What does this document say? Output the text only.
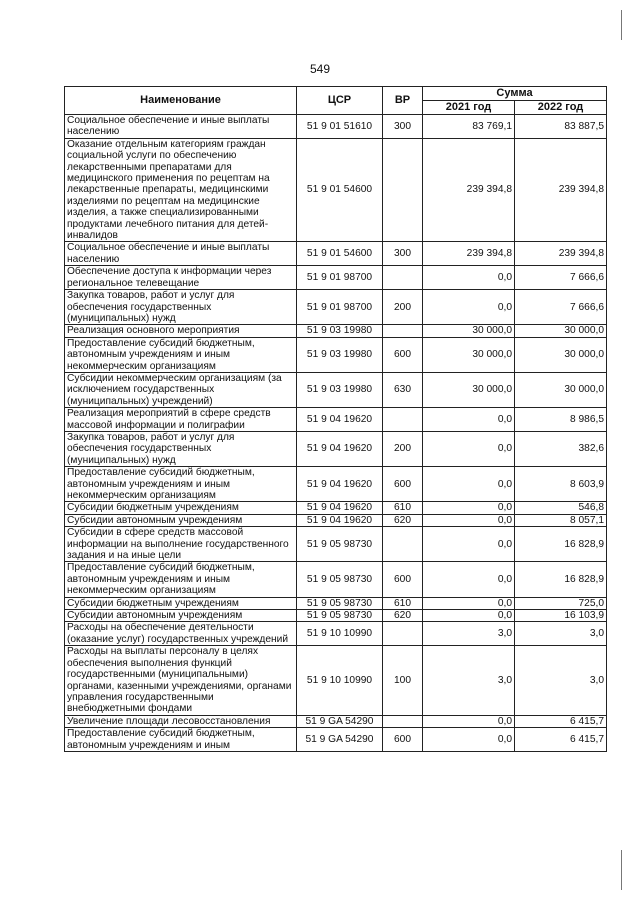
549
Наименование	ЦСР	ВР	Сумма	
			2021 год	2022 год
Социальное обеспечение и иные выплаты населению	51 9 01 51610	300	83 769,1	83 887,5
Оказание отдельным категориям граждан социальной услуги по обеспечению лекарственными препаратами для медицинского применения по рецептам на лекарственные препараты, медицинскими изделиями по рецептам на медицинские изделия, а также специализированными продуктами лечебного питания для детей-инвалидов	51 9 01 54600		239 394,8	239 394,8
Социальное обеспечение и иные выплаты населению	51 9 01 54600	300	239 394,8	239 394,8
Обеспечение доступа к информации через региональное телевещание	51 9 01 98700		0,0	7 666,6
Закупка товаров, работ и услуг для обеспечения государственных (муниципальных) нужд	51 9 01 98700	200	0,0	7 666,6
Реализация основного мероприятия	51 9 03 19980		30 000,0	30 000,0
Предоставление субсидий бюджетным, автономным учреждениям и иным некоммерческим организациям	51 9 03 19980	600	30 000,0	30 000,0
Субсидии некоммерческим организациям (за исключением государственных (муниципальных) учреждений)	51 9 03 19980	630	30 000,0	30 000,0
Реализация мероприятий в сфере средств массовой информации и полиграфии	51 9 04 19620		0,0	8 986,5
Закупка товаров, работ и услуг для обеспечения государственных (муниципальных) нужд	51 9 04 19620	200	0,0	382,6
Предоставление субсидий бюджетным, автономным учреждениям и иным некоммерческим организациям	51 9 04 19620	600	0,0	8 603,9
Субсидии бюджетным учреждениям	51 9 04 19620	610	0,0	546,8
Субсидии автономным учреждениям	51 9 04 19620	620	0,0	8 057,1
Субсидии в сфере средств массовой информации на выполнение государственного задания и на иные цели	51 9 05 98730		0,0	16 828,9
Предоставление субсидий бюджетным, автономным учреждениям и иным некоммерческим организациям	51 9 05 98730	600	0,0	16 828,9
Субсидии бюджетным учреждениям	51 9 05 98730	610	0,0	725,0
Субсидии автономным учреждениям	51 9 05 98730	620	0,0	16 103,9
Расходы на обеспечение деятельности (оказание услуг) государственных учреждений	51 9 10 10990		3,0	3,0
Расходы на выплаты персоналу в целях обеспечения выполнения функций государственными (муниципальными) органами, казенными учреждениями, органами управления государственными внебюджетными фондами	51 9 10 10990	100	3,0	3,0
Увеличение площади лесовосстановления	51 9 GA 54290		0,0	6 415,7
Предоставление субсидий бюджетным, автономным учреждениям и иным	51 9 GA 54290	600	0,0	6 415,7
